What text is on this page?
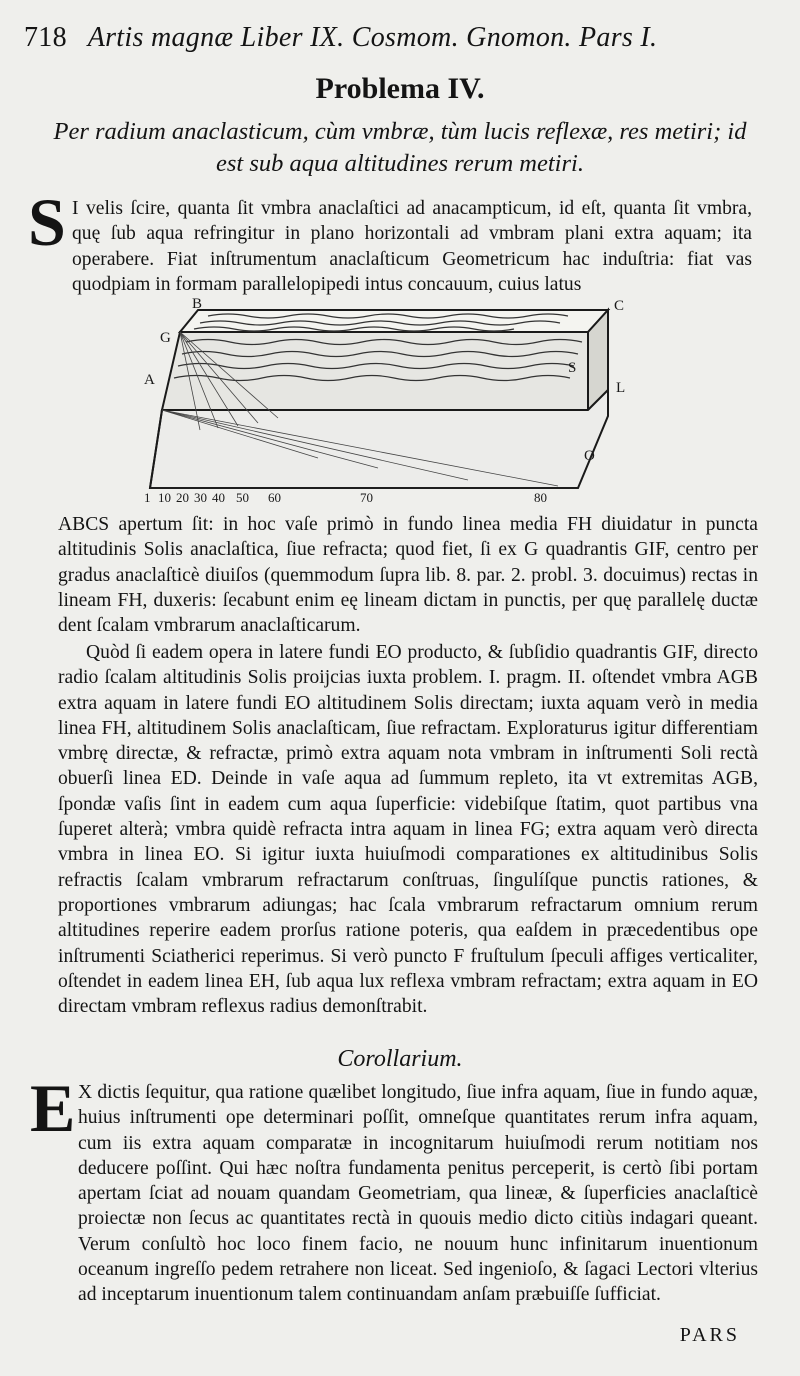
718 Artis magnæ Liber IX. Cosmom. Gnomon. Pars I.
Problema IV.
Per radium anaclasticum, cùm vmbræ, tùm lucis reflexæ, res metiri; id est sub aqua altitudines rerum metiri.
S I velis ſcire, quanta ſit vmbra anaclaſtici ad anacampticum, id eſt, quanta ſit vmbra, quę ſub aqua refringitur in plano horizontali ad vmbram plani extra aquam; ita operabere. Fiat inſtrumentum anaclaſticum Geometricum hac induſtria: fiat vas quodpiam in formam parallelopipedi intus concauum, cuius latus

B	C
G
A
S
L
O
1 10 20 30 40 50 60	70	80

ABCS apertum ſit: in hoc vaſe primò in fundo linea media FH diuidatur in puncta altitudinis Solis anaclaſtica, ſiue refracta; quod fiet, ſi ex G quadrantis GIF, centro per gradus anaclaſticè diuiſos (quemmodum ſupra lib. 8. par. 2. probl. 3. docuimus) rectas in lineam FH, duxeris: ſecabunt enim eę lineam dictam in punctis, per quę parallelę ductæ dent ſcalam vmbrarum anaclaſticarum.

Quòd ſi eadem opera in latere fundi EO producto, & ſubſidio quadrantis GIF, directo radio ſcalam altitudinis Solis proijcias iuxta problem. I. pragm. II. oſtendet vmbra AGB extra aquam in latere fundi EO altitudinem Solis directam; iuxta aquam verò in media linea FH, altitudinem Solis anaclaſticam, ſiue refractam. Exploraturus igitur differentiam vmbrę directæ, & refractæ, primò extra aquam nota vmbram in inſtrumenti Soli rectà obuerſi linea ED. Deinde in vaſe aqua ad ſummum repleto, ita vt extremitas AGB, ſpondæ vaſis ſint in eadem cum aqua ſuperficie: videbiſque ſtatim, quot partibus vna ſuperet alterà; vmbra quidè refracta intra aquam in linea FG; extra aquam verò directa vmbra in linea EO. Si igitur iuxta huiuſmodi comparationes ex altitudinibus Solis refractis ſcalam vmbrarum refractarum conſtruas, ſingulíſque punctis rationes, & proportiones vmbrarum adiungas; hac ſcala vmbrarum refractarum omnium rerum altitudines reperire eadem prorſus ratione poteris, qua eaſdem in præcedentibus ope inſtrumenti Sciatherici reperimus. Si verò puncto F fruſtulum ſpeculi affiges verticaliter, oſtendet in eadem linea EH, ſub aqua lux reflexa vmbram refractam; extra aquam in EO directam vmbram reflexus radius demonſtrabit.

Corollarium.
E X dictis ſequitur, qua ratione quælibet longitudo, ſiue infra aquam, ſiue in fundo aquæ, huius inſtrumenti ope determinari poſſit, omneſque quantitates rerum infra aquam, cum iis extra aquam comparatæ in incognitarum huiuſmodi rerum notitiam nos deducere poſſint. Qui hæc noſtra fundamenta penitus perceperit, is certò ſibi portam apertam ſciat ad nouam quandam Geometriam, qua lineæ, & ſuperficies anaclaſticè proiectæ non ſecus ac quantitates rectà in quouis medio dicto citiùs indagari queant. Verum conſultò hoc loco finem facio, ne nouum hunc infinitarum inuentionum oceanum ingreſſo pedem retrahere non liceat. Sed ingenioſo, & ſagaci Lectori vlterius ad inceptarum inuentionum talem continuandam anſam præbuiſſe ſufficiat.

PARS
